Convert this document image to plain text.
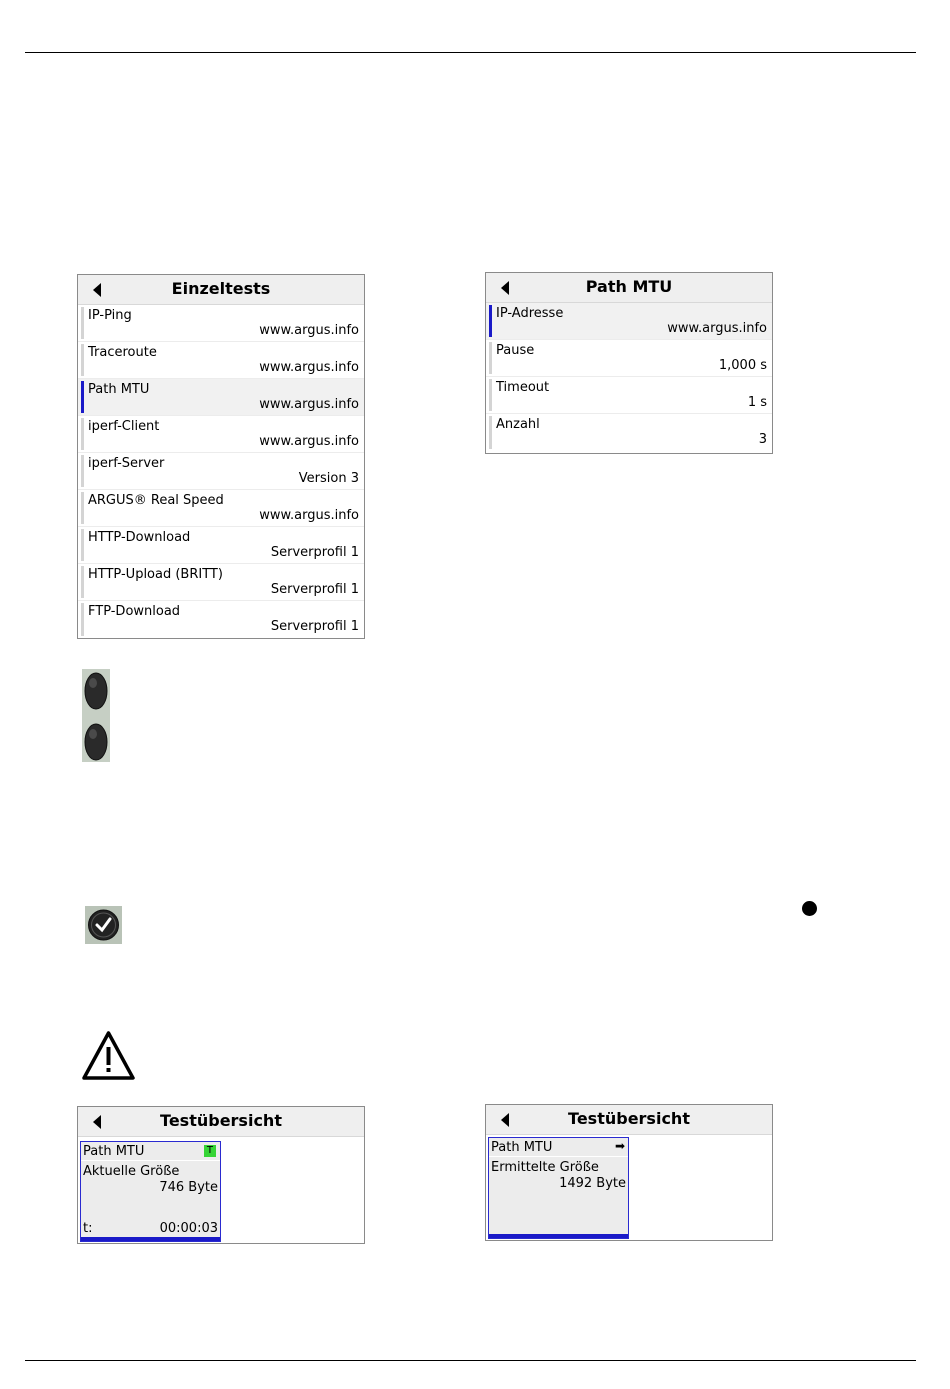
Einzeltests
IP-Ping
www.argus.info
Traceroute
www.argus.info
Path MTU
www.argus.info
iperf-Client
www.argus.info
iperf-Server
Version 3
ARGUS® Real Speed
www.argus.info
HTTP-Download
Serverprofil 1
HTTP-Upload (BRITT)
Serverprofil 1
FTP-Download
Serverprofil 1
Path MTU
IP-Adresse
www.argus.info
Pause
1,000 s
Timeout
1 s
Anzahl
3
Testübersicht
Path MTU	T
Aktuelle Größe
746 Byte
t:	00:00:03
Testübersicht
Path MTU	➡
Ermittelte Größe
1492 Byte
